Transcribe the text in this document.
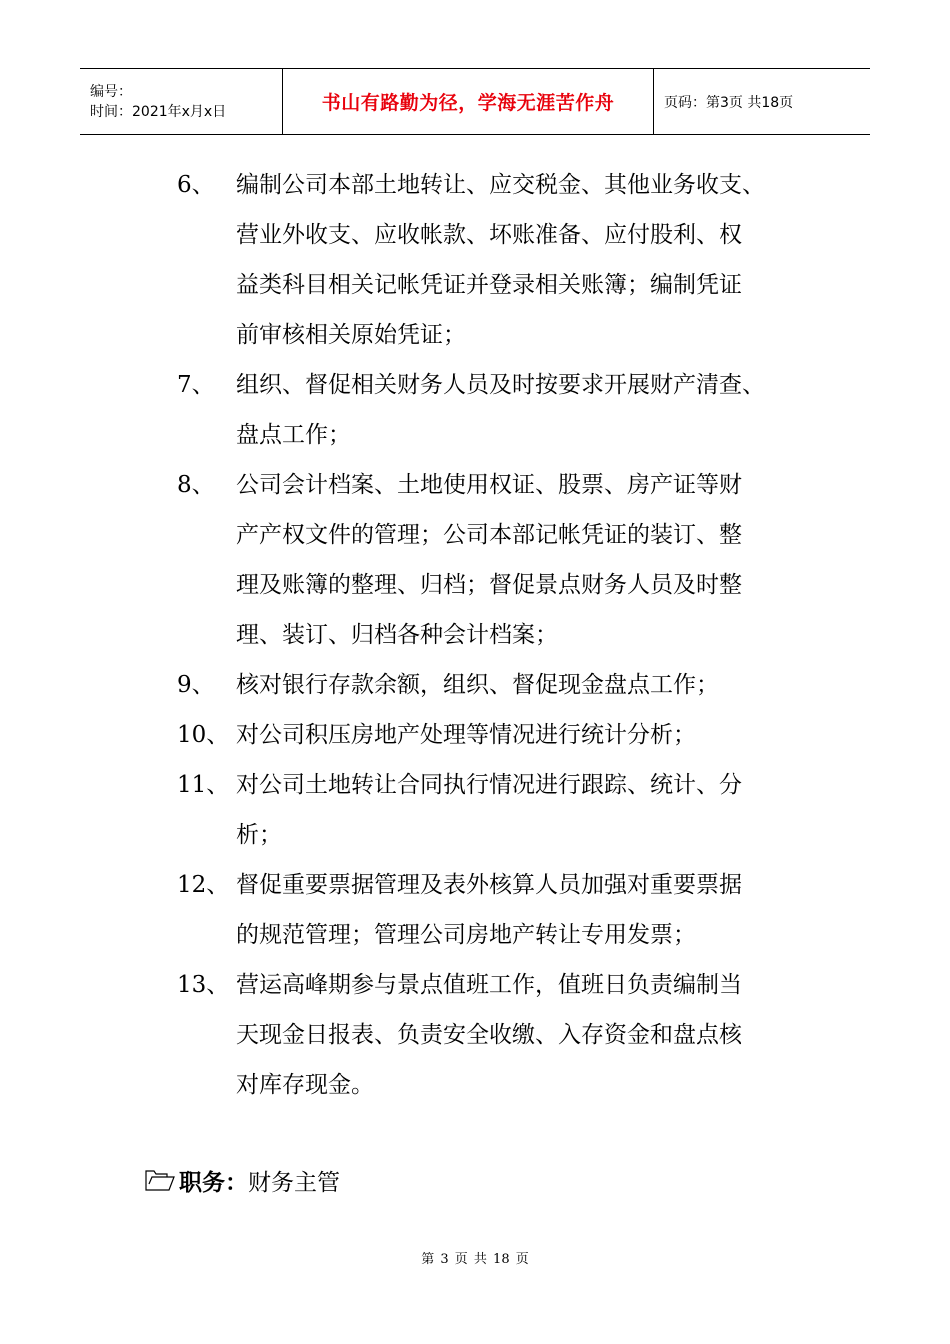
编号：
时间：2021年x月x日	书山有路勤为径，学海无涯苦作舟	页码：第3页 共18页
6、 编制公司本部土地转让、应交税金、其他业务收支、
营业外收支、应收帐款、坏账准备、应付股利、权
益类科目相关记帐凭证并登录相关账簿；编制凭证
前审核相关原始凭证；
7、 组织、督促相关财务人员及时按要求开展财产清查、
盘点工作；
8、 公司会计档案、土地使用权证、股票、房产证等财
产产权文件的管理；公司本部记帐凭证的装订、整
理及账簿的整理、归档；督促景点财务人员及时整
理、装订、归档各种会计档案；
9、 核对银行存款余额，组织、督促现金盘点工作；
10、 对公司积压房地产处理等情况进行统计分析；
11、 对公司土地转让合同执行情况进行跟踪、统计、分
析；
12、 督促重要票据管理及表外核算人员加强对重要票据
的规范管理；管理公司房地产转让专用发票；
13、 营运高峰期参与景点值班工作，值班日负责编制当
天现金日报表、负责安全收缴、入存资金和盘点核
对库存现金。
职务： 财务主管
第 3 页 共 18 页
